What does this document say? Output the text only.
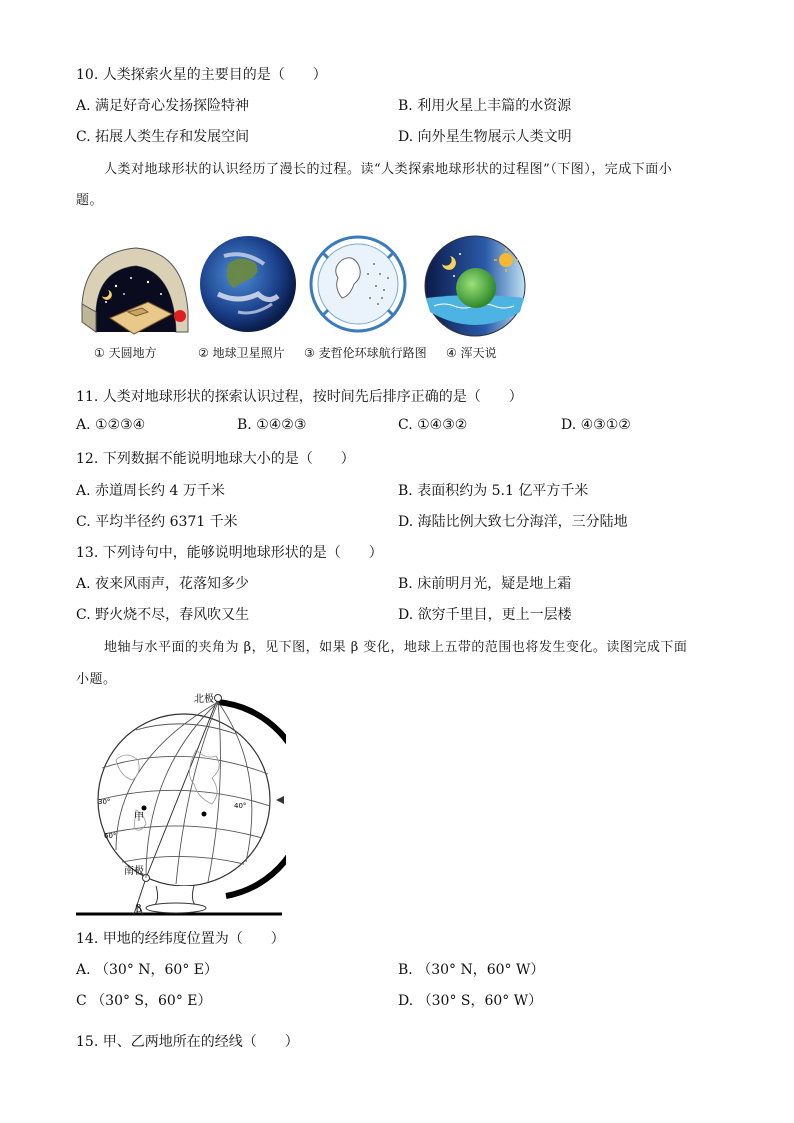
10. 人类探索火星的主要目的是（　　）
A. 满足好奇心发扬探险特神	B. 利用火星上丰篇的水资源
C. 拓展人类生存和发展空间	D. 向外星生物展示人类文明
人类对地球形状的认识经历了漫长的过程。读“人类探索地球形状的过程图”（下图），完成下面小
题。
① 天圆地方	② 地球卫星照片 ③ 麦哲伦环球航行路图 ④ 浑天说
11. 人类对地球形状的探索认识过程，按时间先后排序正确的是（　　）
A. ①②③④	B. ①④②③	C. ①④③②	D. ④③①②
12. 下列数据不能说明地球大小的是（　　）
A. 赤道周长约 4 万千米	B. 表面积约为 5.1 亿平方千米
C. 平均半径约 6371 千米	D. 海陆比例大致七分海洋，三分陆地
13. 下列诗句中，能够说明地球形状的是（　　）
A. 夜来风雨声，花落知多少	B. 床前明月光，疑是地上霜
C. 野火烧不尽，春风吹又生	D. 欲穷千里目，更上一层楼
地轴与水平面的夹角为 β，见下图，如果 β 变化，地球上五带的范围也将发生变化。读图完成下面
小题。
北极
南极
甲
β
30°
60°
40°
14. 甲地的经纬度位置为（　　）
A. （30° N，60° E）	B. （30° N，60° W）
C （30° S，60° E）	D. （30° S，60° W）
15. 甲、乙两地所在的经线（　　）
